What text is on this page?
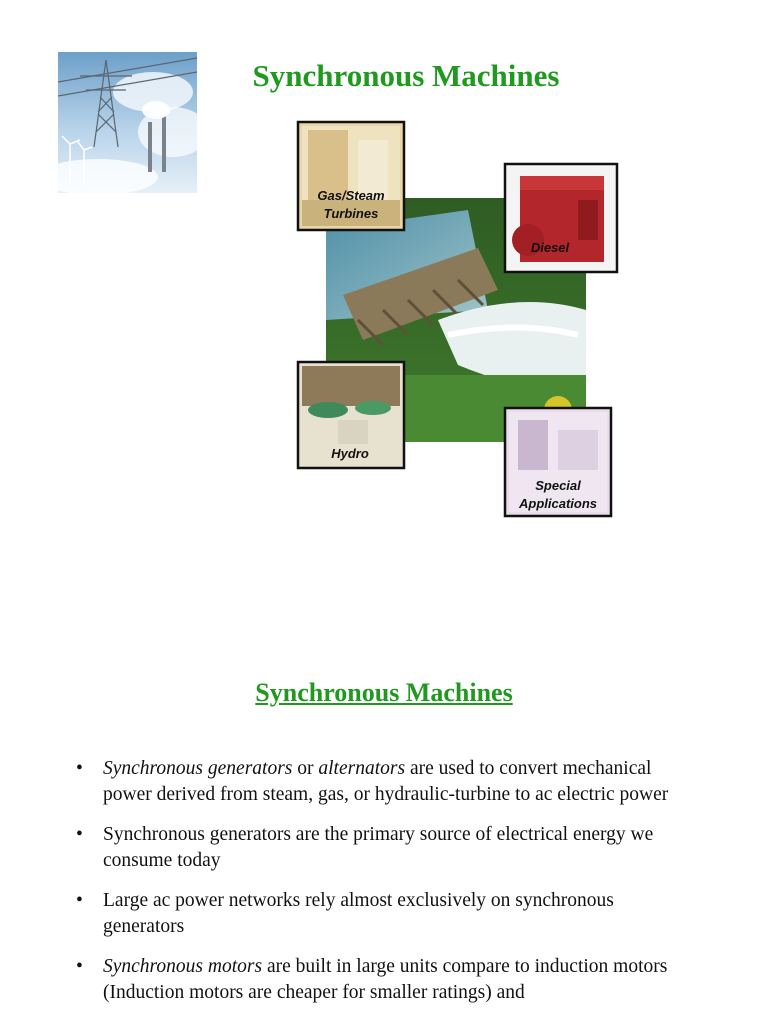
Synchronous Machines
Gas/Steam
Turbines
Diesel
Hydro
Special
Applications
Synchronous Machines
• Synchronous generators or alternators are used to convert mechanical power derived from steam, gas, or hydraulic-turbine to ac electric power
• Synchronous generators are the primary source of electrical energy we consume today
• Large ac power networks rely almost exclusively on synchronous generators
• Synchronous motors are built in large units compare to induction motors (Induction motors are cheaper for smaller ratings) and
